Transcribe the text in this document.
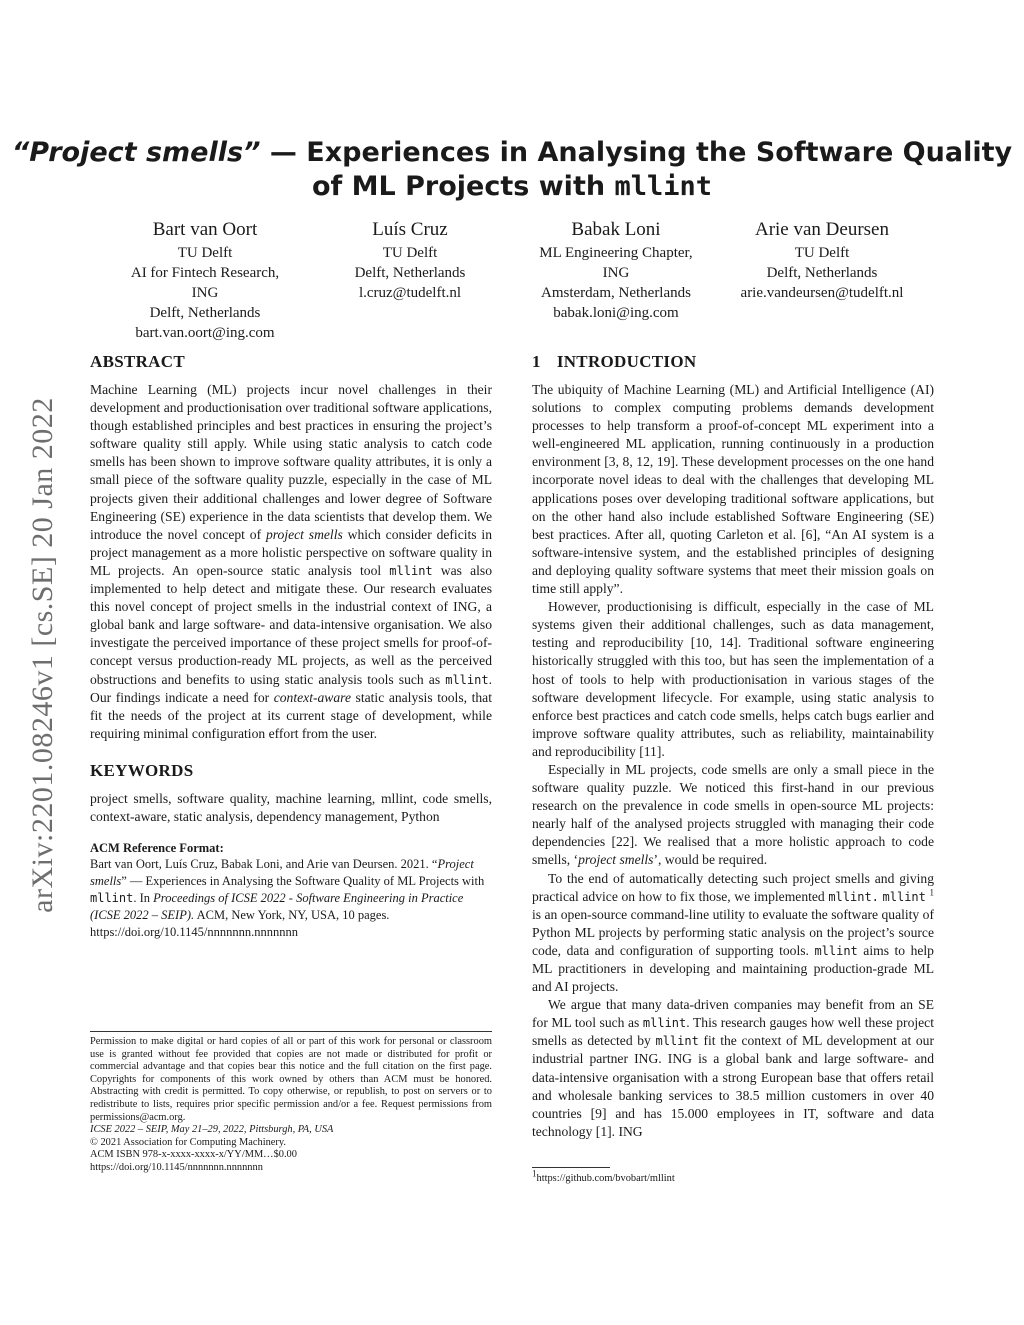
arXiv:2201.08246v1 [cs.SE] 20 Jan 2022
“Project smells” — Experiences in Analysing the Software Quality
of ML Projects with mllint
Bart van Oort
TU Delft
AI for Fintech Research,
ING
Delft, Netherlands
bart.van.oort@ing.com
Luís Cruz
TU Delft
Delft, Netherlands
l.cruz@tudelft.nl
Babak Loni
ML Engineering Chapter,
ING
Amsterdam, Netherlands
babak.loni@ing.com
Arie van Deursen
TU Delft
Delft, Netherlands
arie.vandeursen@tudelft.nl
ABSTRACT

Machine Learning (ML) projects incur novel challenges in their development and productionisation over traditional software applications, though established principles and best practices in ensuring the project’s software quality still apply. While using static analysis to catch code smells has been shown to improve software quality attributes, it is only a small piece of the software quality puzzle, especially in the case of ML projects given their additional challenges and lower degree of Software Engineering (SE) experience in the data scientists that develop them. We introduce the novel concept of project smells which consider deficits in project management as a more holistic perspective on software quality in ML projects. An open-source static analysis tool mllint was also implemented to help detect and mitigate these. Our research evaluates this novel concept of project smells in the industrial context of ING, a global bank and large software- and data-intensive organisation. We also investigate the perceived importance of these project smells for proof-of-concept versus production-ready ML projects, as well as the perceived obstructions and benefits to using static analysis tools such as mllint. Our findings indicate a need for context-aware static analysis tools, that fit the needs of the project at its current stage of development, while requiring minimal configuration effort from the user.

KEYWORDS

project smells, software quality, machine learning, mllint, code smells, context-aware, static analysis, dependency management, Python

ACM Reference Format:

Bart van Oort, Luís Cruz, Babak Loni, and Arie van Deursen. 2021. “Project smells” — Experiences in Analysing the Software Quality of ML Projects with mllint. In Proceedings of ICSE 2022 - Software Engineering in Practice (ICSE 2022 – SEIP). ACM, New York, NY, USA, 10 pages. https://doi.org/10.1145/nnnnnnn.nnnnnnn

Permission to make digital or hard copies of all or part of this work for personal or classroom use is granted without fee provided that copies are not made or distributed for profit or commercial advantage and that copies bear this notice and the full citation on the first page. Copyrights for components of this work owned by others than ACM must be honored. Abstracting with credit is permitted. To copy otherwise, or republish, to post on servers or to redistribute to lists, requires prior specific permission and/or a fee. Request permissions from permissions@acm.org.
ICSE 2022 – SEIP, May 21–29, 2022, Pittsburgh, PA, USA
© 2021 Association for Computing Machinery.
ACM ISBN 978-x-xxxx-xxxx-x/YY/MM…$0.00
https://doi.org/10.1145/nnnnnnn.nnnnnnn
1 INTRODUCTION

The ubiquity of Machine Learning (ML) and Artificial Intelligence (AI) solutions to complex computing problems demands development processes to help transform a proof-of-concept ML experiment into a well-engineered ML application, running continuously in a production environment [3, 8, 12, 19]. These development processes on the one hand incorporate novel ideas to deal with the challenges that developing ML applications poses over developing traditional software applications, but on the other hand also include established Software Engineering (SE) best practices. After all, quoting Carleton et al. [6], “An AI system is a software-intensive system, and the established principles of designing and deploying quality software systems that meet their mission goals on time still apply”.

However, productionising is difficult, especially in the case of ML systems given their additional challenges, such as data management, testing and reproducibility [10, 14]. Traditional software engineering historically struggled with this too, but has seen the implementation of a host of tools to help with productionisation in various stages of the software development lifecycle. For example, using static analysis to enforce best practices and catch code smells, helps catch bugs earlier and improve software quality attributes, such as reliability, maintainability and reproducibility [11].

Especially in ML projects, code smells are only a small piece in the software quality puzzle. We noticed this first-hand in our previous research on the prevalence in code smells in open-source ML projects: nearly half of the analysed projects struggled with managing their code dependencies [22]. We realised that a more holistic approach to code smells, ‘project smells’, would be required.

To the end of automatically detecting such project smells and giving practical advice on how to fix those, we implemented mllint. mllint $^1$ is an open-source command-line utility to evaluate the software quality of Python ML projects by performing static analysis on the project’s source code, data and configuration of supporting tools. mllint aims to help ML practitioners in developing and maintaining production-grade ML and AI projects.

We argue that many data-driven companies may benefit from an SE for ML tool such as mllint. This research gauges how well these project smells as detected by mllint fit the context of ML development at our industrial partner ING. ING is a global bank and large software- and data-intensive organisation with a strong European base that offers retail and wholesale banking services to 38.5 million customers in over 40 countries [9] and has 15.000 employees in IT, software and data technology [1]. ING

$^1$https://github.com/bvobart/mllint
